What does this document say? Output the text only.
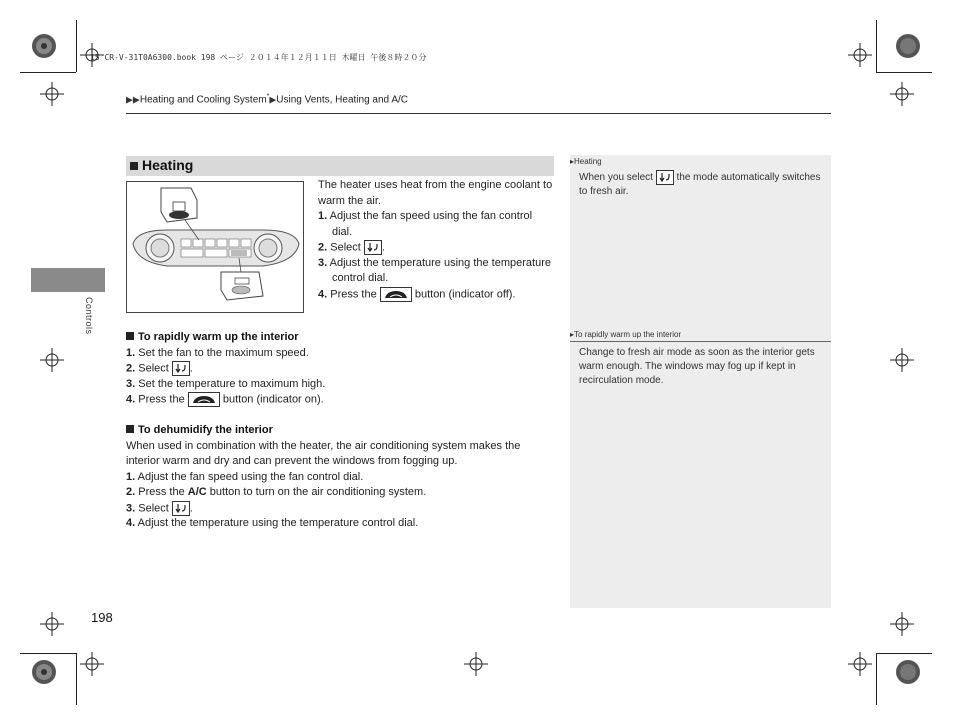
15 CR-V-31T0A6300.book 198 ページ ２０１４年１２月１１日 木曜日 午後８時２０分
▶▶Heating and Cooling System*▶Using Vents, Heating and A/C
Controls
Heating
The heater uses heat from the engine coolant to warm the air.
1. Adjust the fan speed using the fan control dial.
2. Select .
3. Adjust the temperature using the temperature control dial.
4. Press the	button (indicator off).
To rapidly warm up the interior
1. Set the fan to the maximum speed.
2. Select .
3. Set the temperature to maximum high.
4. Press the	button (indicator on).
To dehumidify the interior
When used in combination with the heater, the air conditioning system makes the interior warm and dry and can prevent the windows from fogging up.
1. Adjust the fan speed using the fan control dial.
2. Press the A/C button to turn on the air conditioning system.
3. Select .
4. Adjust the temperature using the temperature control dial.
▸Heating
When you select the mode automatically switches to fresh air.
▸To rapidly warm up the interior
Change to fresh air mode as soon as the interior gets warm enough. The windows may fog up if kept in recirculation mode.
198
